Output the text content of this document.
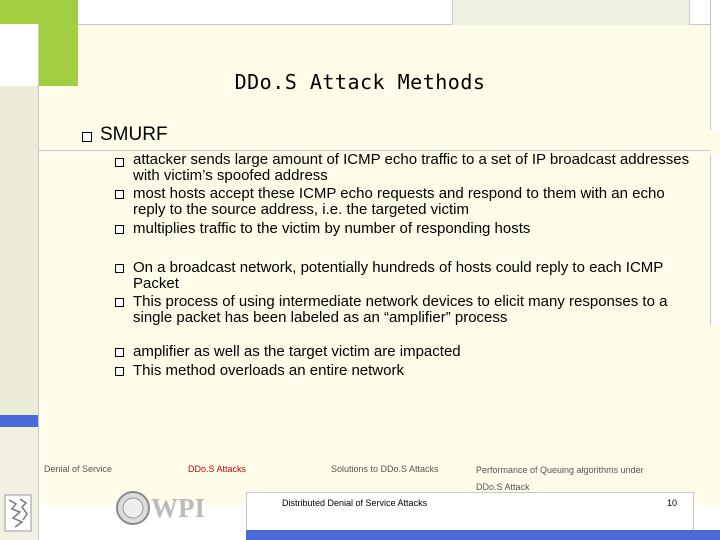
DDo.S Attack Methods
SMURF
attacker sends large amount of ICMP echo traffic to a set of IP broadcast addresses with victim’s spoofed address
most hosts accept these ICMP echo requests and respond to them with an echo reply to the source address, i.e. the targeted victim
multiplies traffic to the victim by number of responding hosts
On a broadcast network, potentially hundreds of hosts could reply to each ICMP Packet
This process of using intermediate network devices to elicit many responses to a single packet has been labeled as an “amplifier” process
amplifier as well as the target victim are impacted
This method overloads an entire network
Denial of Service	DDo.S Attacks	Solutions to DDo.S Attacks	Performance of Queuing algorithms under DDo.S Attack
Distributed Denial of Service Attacks	10
WPI
